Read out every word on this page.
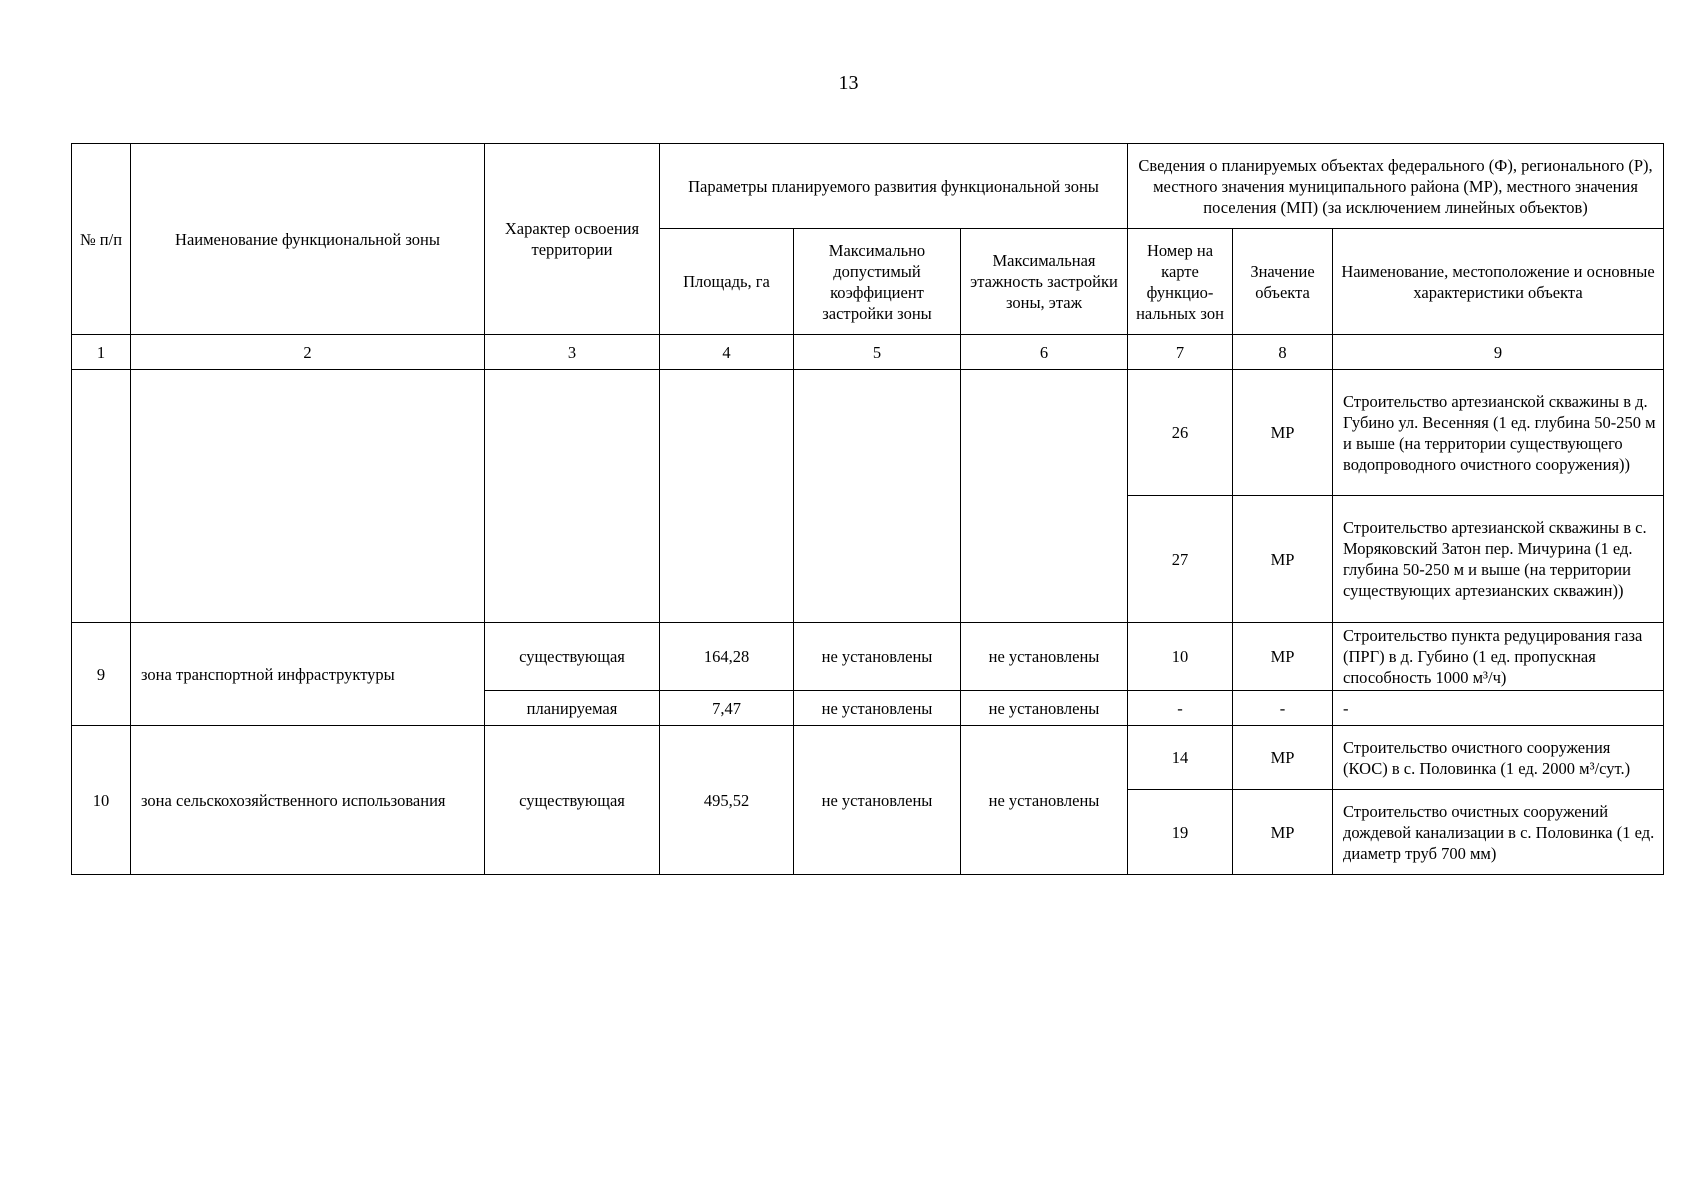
13
№ п/п	Наименование функциональной зоны	Характер освоения территории	Параметры планируемого развития функциональной зоны			Сведения о планируемых объектах федерального (Ф), регионального (Р), местного значения муниципального района (МР), местного значения поселения (МП) (за исключением линейных объектов)		
			Площадь, га	Максимально допустимый коэффициент застройки зоны	Максимальная этажность застройки зоны, этаж	Номер на карте функцио-нальных зон	Значение объекта	Наименование, местоположение и основные характеристики объекта
1	2	3	4	5	6	7	8	9
						26	МР	Строительство артезианской скважины в д. Губино ул. Весенняя (1 ед. глубина 50-250 м и выше (на территории существующего водопроводного очистного сооружения))
						27	МР	Строительство артезианской скважины в с. Моряковский Затон пер. Мичурина (1 ед. глубина 50-250 м и выше (на территории существующих артезианских скважин))
9	зона транспортной инфраструктуры	существующая	164,28	не установлены	не установлены	10	МР	Строительство пункта редуцирования газа (ПРГ) в д. Губино (1 ед. пропускная способность 1000 м³/ч)
		планируемая	7,47	не установлены	не установлены	-	-	-
10	зона сельскохозяйственного использования	существующая	495,52	не установлены	не установлены	14	МР	Строительство очистного сооружения (КОС) в с. Половинка (1 ед. 2000 м³/сут.)
						19	МР	Строительство очистных сооружений дождевой канализации в с. Половинка (1 ед. диаметр труб 700 мм)
